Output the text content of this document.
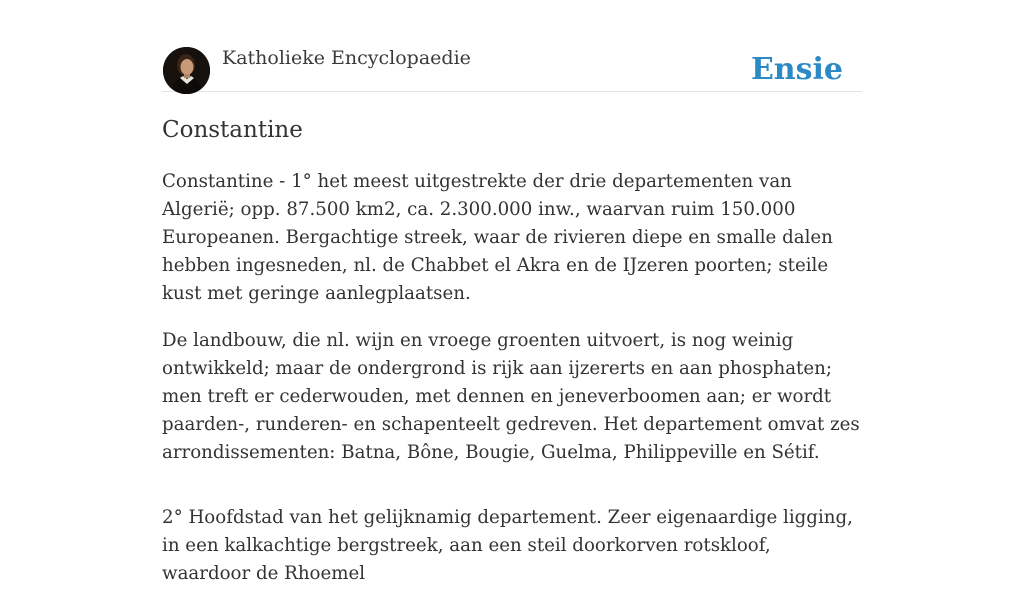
Katholieke Encyclopaedie	Ensie
Constantine

Constantine - 1° het meest uitgestrekte der drie departementen van Algerië; opp. 87.500 km2, ca. 2.300.000 inw., waarvan ruim 150.000 Europeanen. Bergachtige streek, waar de rivieren diepe en smalle dalen hebben ingesneden, nl. de Chabbet el Akra en de IJzeren poorten; steile kust met geringe aanlegplaatsen.

De landbouw, die nl. wijn en vroege groenten uitvoert, is nog weinig ontwikkeld; maar de ondergrond is rijk aan ijzererts en aan phosphaten; men treft er cederwouden, met dennen en jeneverboomen aan; er wordt paarden-, runderen- en schapenteelt gedreven. Het departement omvat zes arrondissementen: Batna, Bône, Bougie, Guelma, Philippeville en Sétif.

2° Hoofdstad van het gelijknamig departement. Zeer eigenaardige ligging, in een kalkachtige bergstreek, aan een steil doorkorven rotskloof, waardoor de Rhoemel
